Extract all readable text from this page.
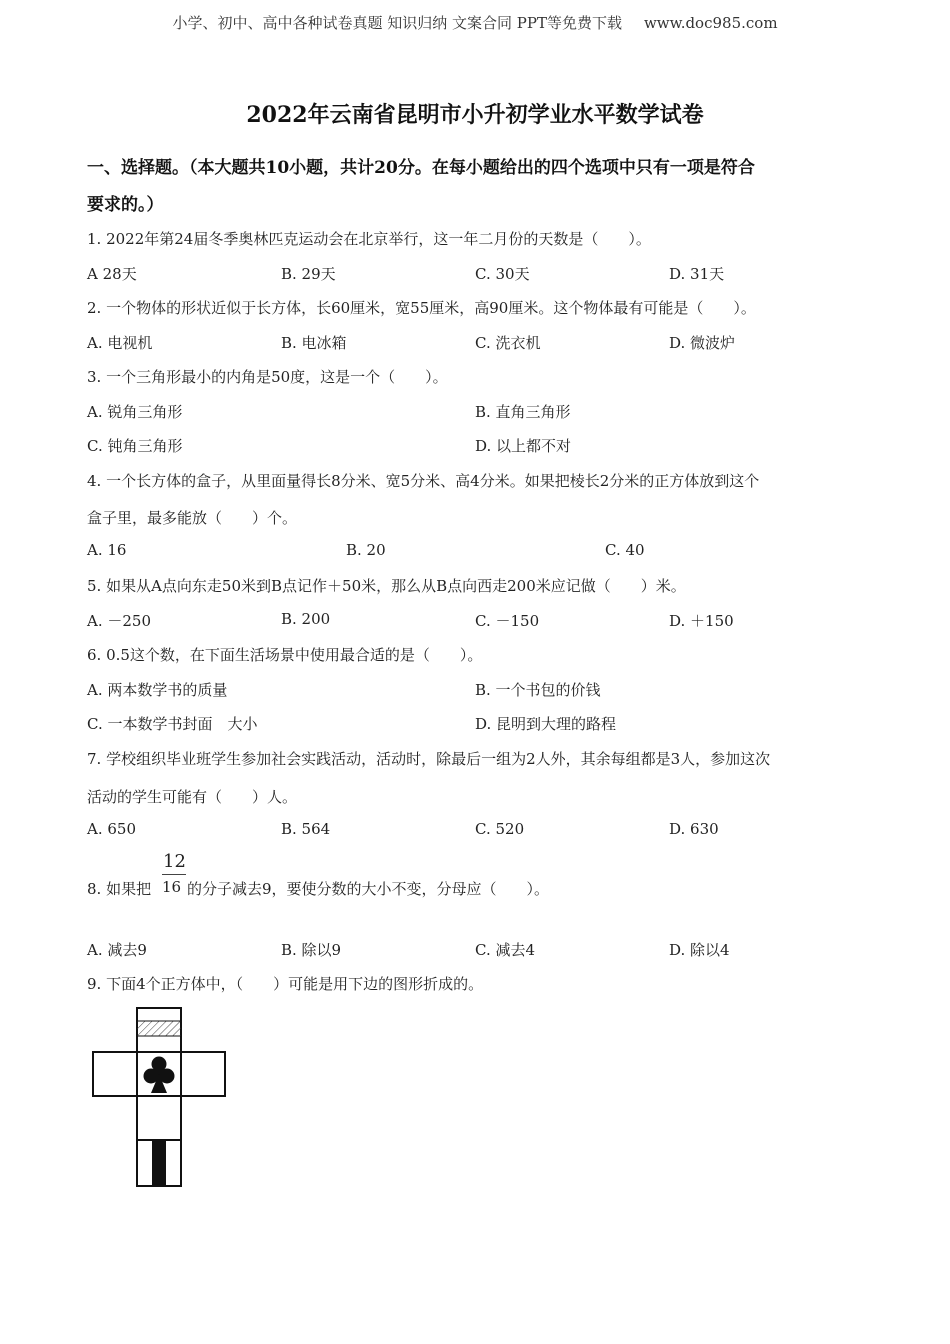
小学、初中、高中各种试卷真题 知识归纳 文案合同 PPT等免费下载 www.doc985.com
2022年云南省昆明市小升初学业水平数学试卷
一、选择题。（本大题共10小题，共计20分。在每小题给出的四个选项中只有一项是符合
要求的。）
1. 2022年第24届冬季奥林匹克运动会在北京举行，这一年二月份的天数是（　　）。
A 28天	B. 29天	C. 30天	D. 31天
2. 一个物体的形状近似于长方体，长60厘米，宽55厘米，高90厘米。这个物体最有可能是（　　）。
A. 电视机	B. 电冰箱	C. 洗衣机	D. 微波炉
3. 一个三角形最小的内角是50度，这是一个（　　）。
A. 锐角三角形	B. 直角三角形
C. 钝角三角形	D. 以上都不对
4. 一个长方体的盒子，从里面量得长8分米、宽5分米、高4分米。如果把棱长2分米的正方体放到这个
盒子里，最多能放（　　）个。
A. 16	B. 20	C. 40
5. 如果从A点向东走50米到B点记作＋50米，那么从B点向西走200米应记做（　　）米。
A. －250	B. 200	C. －150	D. ＋150
6. 0.5这个数，在下面生活场景中使用最合适的是（　　）。
A. 两本数学书的质量	B. 一个书包的价钱
C. 一本数学书封面　大小	D. 昆明到大理的路程
7. 学校组织毕业班学生参加社会实践活动，活动时，除最后一组为2人外，其余每组都是3人，参加这次
活动的学生可能有（　　）人。
A. 650	B. 564	C. 520	D. 630
8. 如果把
12
16 的分子减去9，要使分数的大小不变，分母应（　　）。
A. 减去9	B. 除以9	C. 减去4	D. 除以4
9. 下面4个正方体中，（　　）可能是用下边的图形折成的。
